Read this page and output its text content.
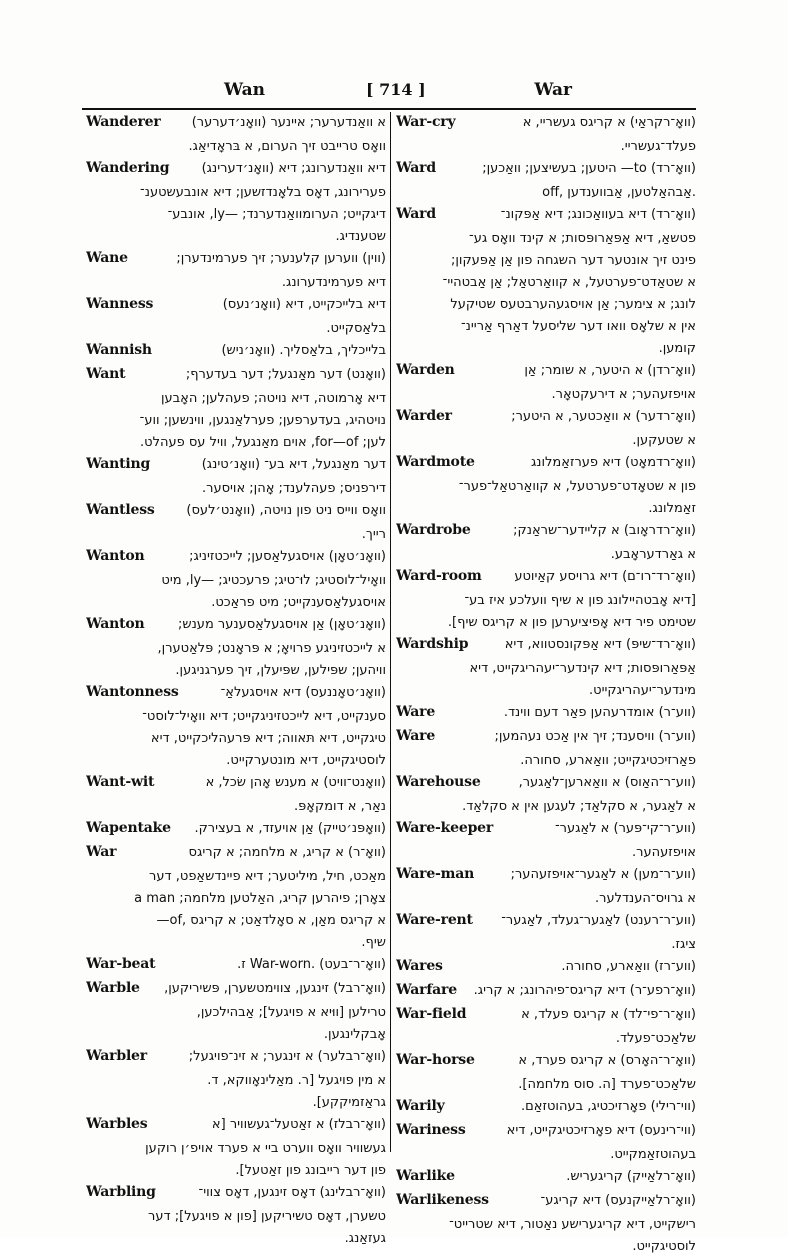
Wan	[ 714 ]	War
Wanderer	א וואַנדערער; איינער (וואָנ׳דערער)
וואָס טרייבט זיך הערום, א בּראָדיאַג.
Wandering	דיא וואַנדערונג; דיא (וואָנ׳דערינג)
פערירונג, דאָס בלאָנדזשען; דיא אונבעשטענ־
דיגקייט; הערומוואַנדערנד; —ly, אונבע־
שטענדיג.
Wane	(ווין) ווערען קלענער; זיך פערמינדערן;
דיא פערמינדערונג.
Wanness	דיא בלייכקייט, דיא (וואָנ׳נעס)
בלאַסקייט.
Wannish	בלייכליך, בלאַסליך. (וואָנ׳ניש)
Want	(וואָנט) דער מאַנגעל; דער בעדערף;
דיא אָרמוטה, דיא נויטה; פעהלען; האָבען
נויטהיג, בעדערפען; פערלאַנגען, ווינשען; ווע־
לען; for—of, אוים מאַנגעל, וויל עס פעהלט.
Wanting	דער מאַנגעל, דיא בע־ (וואָנ׳טינג)
דירפניס; פעהלענד; אָהן; אויסער.
Wantless	וואָס ווייס ניט פון נויטה, (וואָנט׳לעס)
רייך.
Wanton	(וואָנ׳טאָן) אויסגעלאַסען; לייכטזיניג;
וואָיל־לוסטיג; לוּ־טיג; פרעכטיג; —ly, מיט
אויסגעלאַסענקייט; מיט פראַכט.
Wanton	(וואָנ׳טאָן) אַן אויסגעלאַסענער מענש;
א לייכטזיניגע פרויאָ; א פּראָנט; פּלאַטערן,
וויהען; שפּילען, שפּיעלן, זיך פערגניגען.
Wantonness	(וואָנ׳טאָננעס) דיא אויסגעלאַ־
סענקייט, דיא לייכטזיניגקייט; דיא וואָיל־לוסט־
טיגקייט, דיא תּאווה; דיא פּרעהליכקייט, דיא
לוסטיגקייט, דיא מונטערקייט.
Want-wit	(וואָנט־וויט) א מענש אָהן שׂכל, א
נאַר, א דומקאָפּ.
Wapentake	(וואָפּנ׳טייק) אַן אויעזד, א בעצירק.
War	(וואָ־ר) א קריג, א מלחמה; א קריגס
מאַכט, חיל, מיליטער; דיא פיינדשאַפט, דער
צאָרן; פיהרען קריג, האַלטען מלחמה; a man
—of, א קריגס מאַן, א סאָלדאַט; א קריגס
שיף.
War-beat	(וואָ־ר־בעט) .War-worn ז.
Warble	(וואָ־רבל) זינגען, צווימטשערן, פּשיריקען,
טרילען [ווּיא א פויגעל]; אַבהילכען,
אָבקלינגען.
Warbler	(וואָ־רבלער) א זינגער; א זינ־פויגעל;
א מין פויגעל [ר. מאַלינאָווקא, ד.
גראַזמיקקע].
Warbles	(וואָ־רבלז) א זאַטעל־געשוויר [א
געשוויר וואָס ווערט ביי א פערד אויפ׳ן רוקען
פון דער רייבונג פון זאַטעל].
Warbling	(וואָ־רבלינג) דאָס זינגען, דאָס צווי־
טשערן, דאָס טשיריקען [פון א פויגעל]; דער
געזאַנג.
War-cry	(וואָ־רקראַי) א קריגס געשריי, א
פעלד־געשריי.
Ward	(וואָ־רד) to— היטען; בעשיצען; וואַכען;
off, אַבהאַלטען, אַבווענדען.
Ward	(וואָ־רד) דיא בעוואַכונג; דיא אַפּקונ־
פטשאַ, דיא אַפּאַרופּסות; א קינד וואָס גע־
פינט זיך אונטער דער השגחה פון אַן אַפּעקון;
א שטאַדט־פערטעל, א קוואַרטאַל; אַן אַבטהיי־
לונג; א צימער; אַן אויסגעהערבטעס שטיקעל
אין א שלאָס וואו דער שליסעל דאַרף אַריינ־
קומען.
Warden	(וואָ־רדן) א היטער, א שומר; אַן
אויפזעהער; א דירעקטאָר.
Warder	(וואָ־רדער) א וואַכטער, א היטער;
א שטעקען.
Wardmote	(וואָ־רדמאָט) דיא פערזאַמלונג
פון א שטאָדט־פערטעל, א קוואַרטאַל־פער־
זאַמלונג.
Wardrobe	(וואָ־רדראָוב) א קליידער־שראַנק;
א גאַרדעראָבע.
Ward-room	(וואָ־רד־רו־ם) דיא גרויסע קאַיוטע
[דיא אָבטהיילונג פון א שיף וועלכע איז בע־
שטימט פיר דיא אָפיציערען פון א קריגס שיף].
Wardship	(וואָ־רד־שיפּ) דיא אַפּקונסטווא, דיא
אַפּאַרופּסות; דיא קינדער־יעהריגקייט, דיא
מינדער־יעהריגקייט.
Ware	(ווע־ר) אומדרעהען פאַר דעם ווינד.
Ware	(ווע־ר) וויסענד; זיך אין אַכט נעהמען;
פאַרזיכטיגקייט; וואַארע, סחורה.
Warehouse	(ווע־ר־האַוס) א וואַארען־לאַגער,
א לאַגער, א סקלאַד; לעגען אין א סקלאַד.
Ware-keeper	(ווע־ר־קי־פּער) א לאַגער־
אויפזעהער.
Ware-man	(ווע־ר־מען) א לאַגער־אויפזעהער;
א גרויס־הענדלער.
Ware-rent	(ווע־ר־רענט) לאַגער־געלד, לאַגער־
ציגז.
Wares	(ווע־רז) וואַארע, סחורה.
Warfare	(וואָ־רפע־ר) דיא קריגס־פיהרונג; א קריג.
War-field	(וואָ־ר־פי־לד) א קריגס פעלד, א
שלאַכט־פעלד.
War-horse	(וואָ־ר־האָרס) א קריגס פערד, א
שלאַכט־פערד [ה. סוס מלחמה].
Warily	(ווי־רילי) פאָרזיכטיג, בעהוטזאַם.
Wariness	(ווי־רינעס) דיא פאָרזיכטיגקייט, דיא
בעהוטזאַמקייט.
Warlike	(וואָ־רלאַייק) קריגעריש.
Warlikeness	(וואָ־רלאַייקנעס) דיא קריגע־
רישקייט, דיא קריגערישע נאַטור, דיא שטרייט־
לוסטיגקייט.
